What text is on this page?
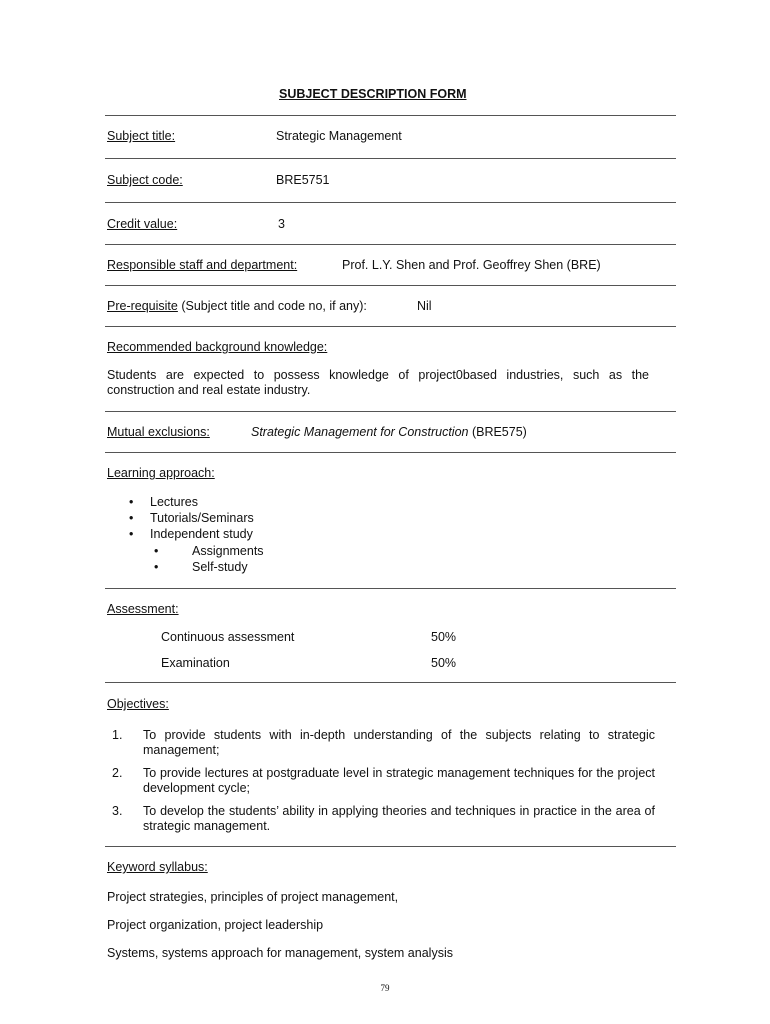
SUBJECT DESCRIPTION FORM
Subject title:	Strategic Management
Subject code:	BRE5751
Credit value:	3
Responsible staff and department:	Prof. L.Y. Shen and Prof. Geoffrey Shen (BRE)
Pre-requisite (Subject title and code no, if any):	Nil
Recommended background knowledge:
Students are expected to possess knowledge of project0based industries, such as the construction and real estate industry.
Mutual exclusions:	Strategic Management for Construction (BRE575)
Learning approach:
• Lectures
• Tutorials/Seminars
• Independent study
•	Assignments
•	Self-study
Assessment:
Continuous assessment	50%
Examination	50%
Objectives:
1. To provide students with in-depth understanding of the subjects relating to strategic management;
2. To provide lectures at postgraduate level in strategic management techniques for the project development cycle;
3. To develop the students’ ability in applying theories and techniques in practice in the area of strategic management.
Keyword syllabus:
Project strategies, principles of project management,
Project organization, project leadership
Systems, systems approach for management, system analysis
79
